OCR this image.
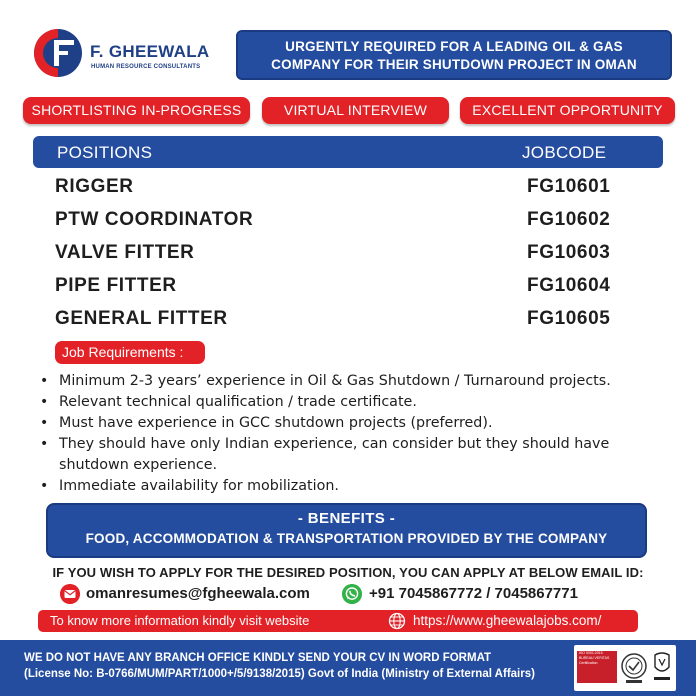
F. GHEEWALA
HUMAN RESOURCE CONSULTANTS
URGENTLY REQUIRED FOR A LEADING OIL & GAS
COMPANY FOR THEIR SHUTDOWN PROJECT IN OMAN
SHORTLISTING IN-PROGRESS	VIRTUAL INTERVIEW	EXCELLENT OPPORTUNITY
POSITIONS	JOBCODE
RIGGER	FG10601
PTW COORDINATOR	FG10602
VALVE FITTER	FG10603
PIPE FITTER	FG10604
GENERAL FITTER	FG10605
Job Requirements :
• Minimum 2-3 years’ experience in Oil & Gas Shutdown / Turnaround projects.
• Relevant technical qualification / trade certificate.
• Must have experience in GCC shutdown projects (preferred).
• They should have only Indian experience, can consider but they should have shutdown experience.
• Immediate availability for mobilization.
- BENEFITS -
FOOD, ACCOMMODATION & TRANSPORTATION PROVIDED BY THE COMPANY
IF YOU WISH TO APPLY FOR THE DESIRED POSITION, YOU CAN APPLY AT BELOW EMAIL ID:
omanresumes@fgheewala.com	+91 7045867772 / 7045867771
To know more information kindly visit website	https://www.gheewalajobs.com/
WE DO NOT HAVE ANY BRANCH OFFICE KINDLY SEND YOUR CV IN WORD FORMAT
(License No: B-0766/MUM/PART/1000+/5/9138/2015) Govt of India (Ministry of External Affairs)
ISO 9001:2015
BUREAU VERITAS
Certification
